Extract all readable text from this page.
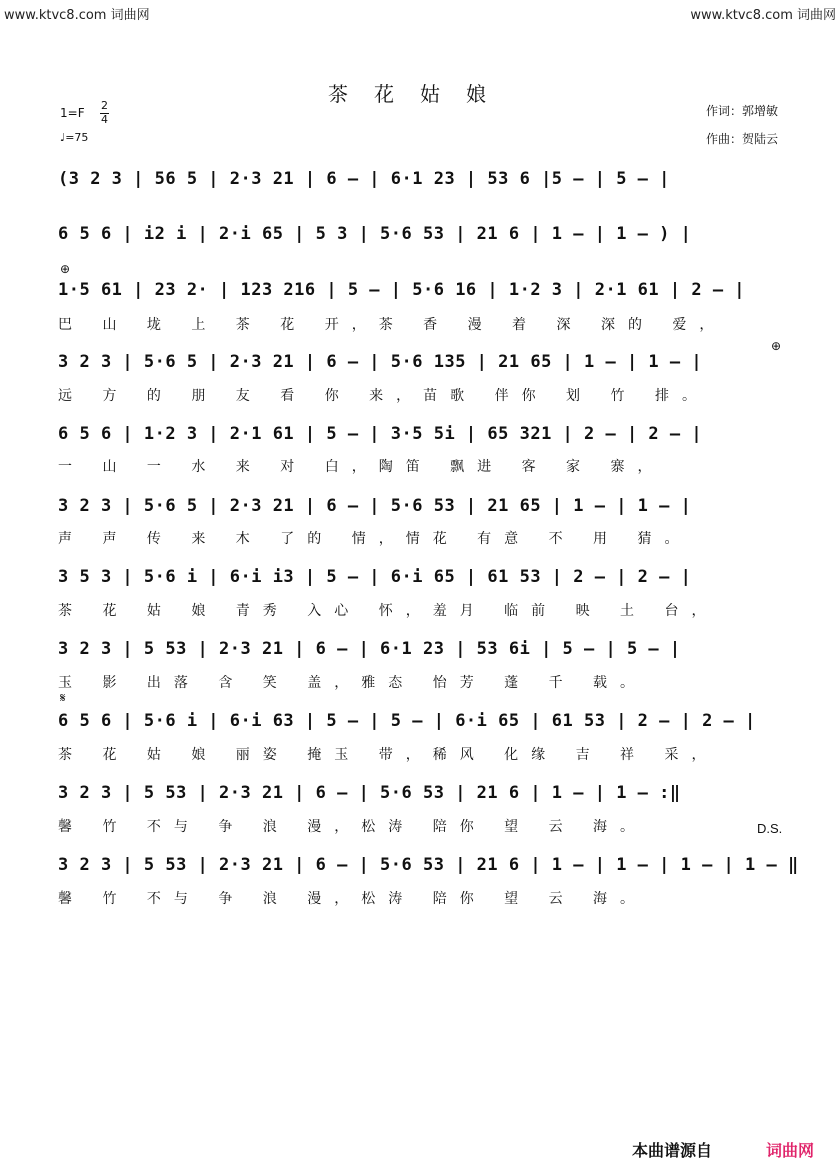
www.ktvc8.com 词曲网	www.ktvc8.com 词曲网
茶花姑娘
1=F
2
4
♩=75
作词：郭增敏
作曲：贺陆云
(3 2 3 | 56 5 | 2·3 21 | 6 — | 6·1 23 | 53 6 |5 — | 5 — |
6 5 6 | i2 i | 2·i 65 | 5 3 | 5·6 53 | 21 6 | 1 — | 1 — ) |
⊕
1·5 61 | 23 2· | 123 216 | 5 — | 5·6 16 | 1·2 3 | 2·1 61 | 2 — |
巴 山 垅 上 茶 花 开，茶 香 漫 着 深 深的 爱，
3 2 3 | 5·6 5 | 2·3 21 | 6 — | 5·6 135 | 21 65 | 1 — | 1 — |
远 方 的 朋 友 看 你 来，苗歌 伴你 划 竹 排。
⊕
6 5 6 | 1·2 3 | 2·1 61 | 5 — | 3·5 5i | 65 321 | 2 — | 2 — |
一 山 一 水 来 对 白，陶笛 飘进 客 家 寨，
3 2 3 | 5·6 5 | 2·3 21 | 6 — | 5·6 53 | 21 65 | 1 — | 1 — |
声 声 传 来 木 了的 情，情花 有意 不 用 猜。
3 5 3 | 5·6 i | 6·i i3 | 5 — | 6·i 65 | 61 53 | 2 — | 2 — |
茶 花 姑 娘 青秀 入心 怀，羞月 临前 映 土 台，
3 2 3 | 5 53 | 2·3 21 | 6 — | 6·1 23 | 53 6i | 5 — | 5 — |
玉 影 出落 含 笑 盖，雅态 怡芳 蓬 千 载。
𝄋
6 5 6 | 5·6 i | 6·i 63 | 5 — | 5 — | 6·i 65 | 61 53 | 2 — | 2 — |
茶 花 姑 娘 丽姿 掩玉 带，稀风 化缘 吉 祥 采，
3 2 3 | 5 53 | 2·3 21 | 6 — | 5·6 53 | 21 6 | 1 — | 1 — :‖
馨 竹 不与 争 浪 漫，松涛 陪你 望 云 海。	D.S.
3 2 3 | 5 53 | 2·3 21 | 6 — | 5·6 53 | 21 6 | 1 — | 1 — | 1 — | 1 — ‖
馨 竹 不与 争 浪 漫，松涛 陪你 望 云 海。
本曲谱源自	词曲网
